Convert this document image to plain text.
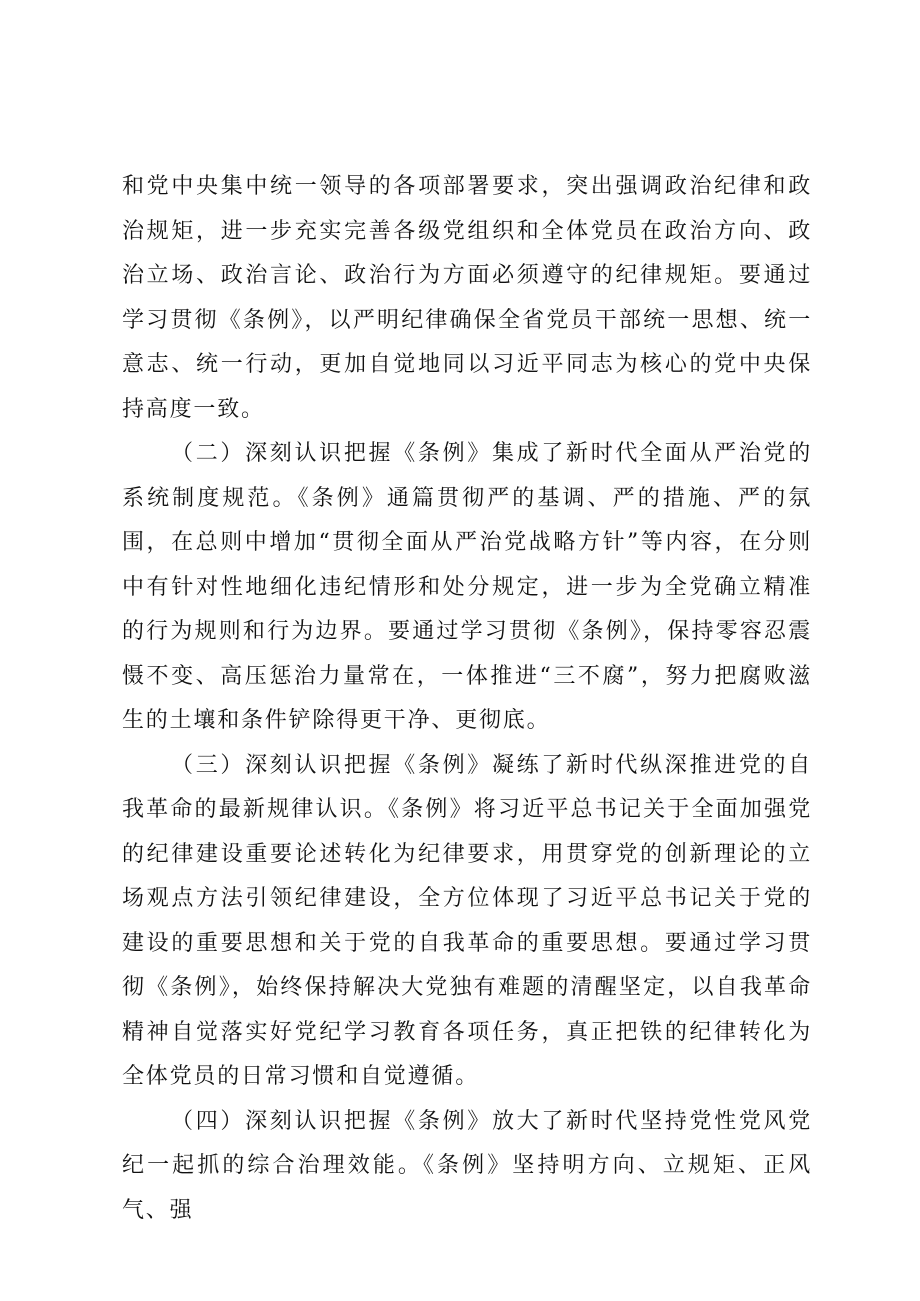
和党中央集中统一领导的各项部署要求，突出强调政治纪律和政治规矩，进一步充实完善各级党组织和全体党员在政治方向、政治立场、政治言论、政治行为方面必须遵守的纪律规矩。要通过学习贯彻《条例》，以严明纪律确保全省党员干部统一思想、统一意志、统一行动，更加自觉地同以习近平同志为核心的党中央保持高度一致。

（二）深刻认识把握《条例》集成了新时代全面从严治党的系统制度规范。《条例》通篇贯彻严的基调、严的措施、严的氛围，在总则中增加“贯彻全面从严治党战略方针”等内容，在分则中有针对性地细化违纪情形和处分规定，进一步为全党确立精准的行为规则和行为边界。要通过学习贯彻《条例》，保持零容忍震慑不变、高压惩治力量常在，一体推进“三不腐”，努力把腐败滋生的土壤和条件铲除得更干净、更彻底。

（三）深刻认识把握《条例》凝练了新时代纵深推进党的自我革命的最新规律认识。《条例》将习近平总书记关于全面加强党的纪律建设重要论述转化为纪律要求，用贯穿党的创新理论的立场观点方法引领纪律建设，全方位体现了习近平总书记关于党的建设的重要思想和关于党的自我革命的重要思想。要通过学习贯彻《条例》，始终保持解决大党独有难题的清醒坚定，以自我革命精神自觉落实好党纪学习教育各项任务，真正把铁的纪律转化为全体党员的日常习惯和自觉遵循。

（四）深刻认识把握《条例》放大了新时代坚持党性党风党纪一起抓的综合治理效能。《条例》坚持明方向、立规矩、正风气、强
